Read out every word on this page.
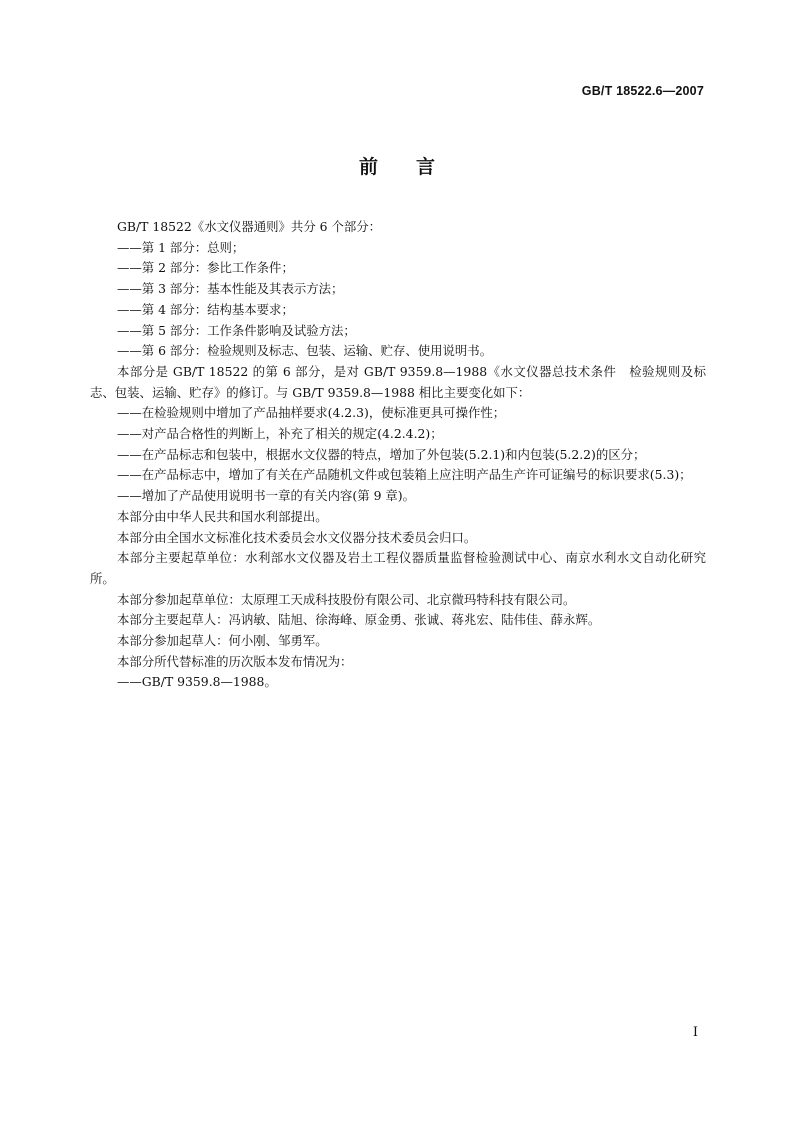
GB/T 18522.6—2007
前言

GB/T 18522《水文仪器通则》共分 6 个部分：

——第 1 部分：总则；

——第 2 部分：参比工作条件；

——第 3 部分：基本性能及其表示方法；

——第 4 部分：结构基本要求；

——第 5 部分：工作条件影响及试验方法；

——第 6 部分：检验规则及标志、包装、运输、贮存、使用说明书。

本部分是 GB/T 18522 的第 6 部分，是对 GB/T 9359.8—1988《水文仪器总技术条件　检验规则及标志、包装、运输、贮存》的修订。与 GB/T 9359.8—1988 相比主要变化如下：

——在检验规则中增加了产品抽样要求(4.2.3)，使标准更具可操作性；

——对产品合格性的判断上，补充了相关的规定(4.2.4.2)；

——在产品标志和包装中，根据水文仪器的特点，增加了外包装(5.2.1)和内包装(5.2.2)的区分；

——在产品标志中，增加了有关在产品随机文件或包装箱上应注明产品生产许可证编号的标识要求(5.3)；

——增加了产品使用说明书一章的有关内容(第 9 章)。

本部分由中华人民共和国水利部提出。

本部分由全国水文标准化技术委员会水文仪器分技术委员会归口。

本部分主要起草单位：水利部水文仪器及岩土工程仪器质量监督检验测试中心、南京水利水文自动化研究所。

本部分参加起草单位：太原理工天成科技股份有限公司、北京微玛特科技有限公司。

本部分主要起草人：冯讷敏、陆旭、徐海峰、原金勇、张诚、蒋兆宏、陆伟佳、薛永辉。

本部分参加起草人：何小刚、邹勇军。

本部分所代替标准的历次版本发布情况为：

——GB/T 9359.8—1988。

I
